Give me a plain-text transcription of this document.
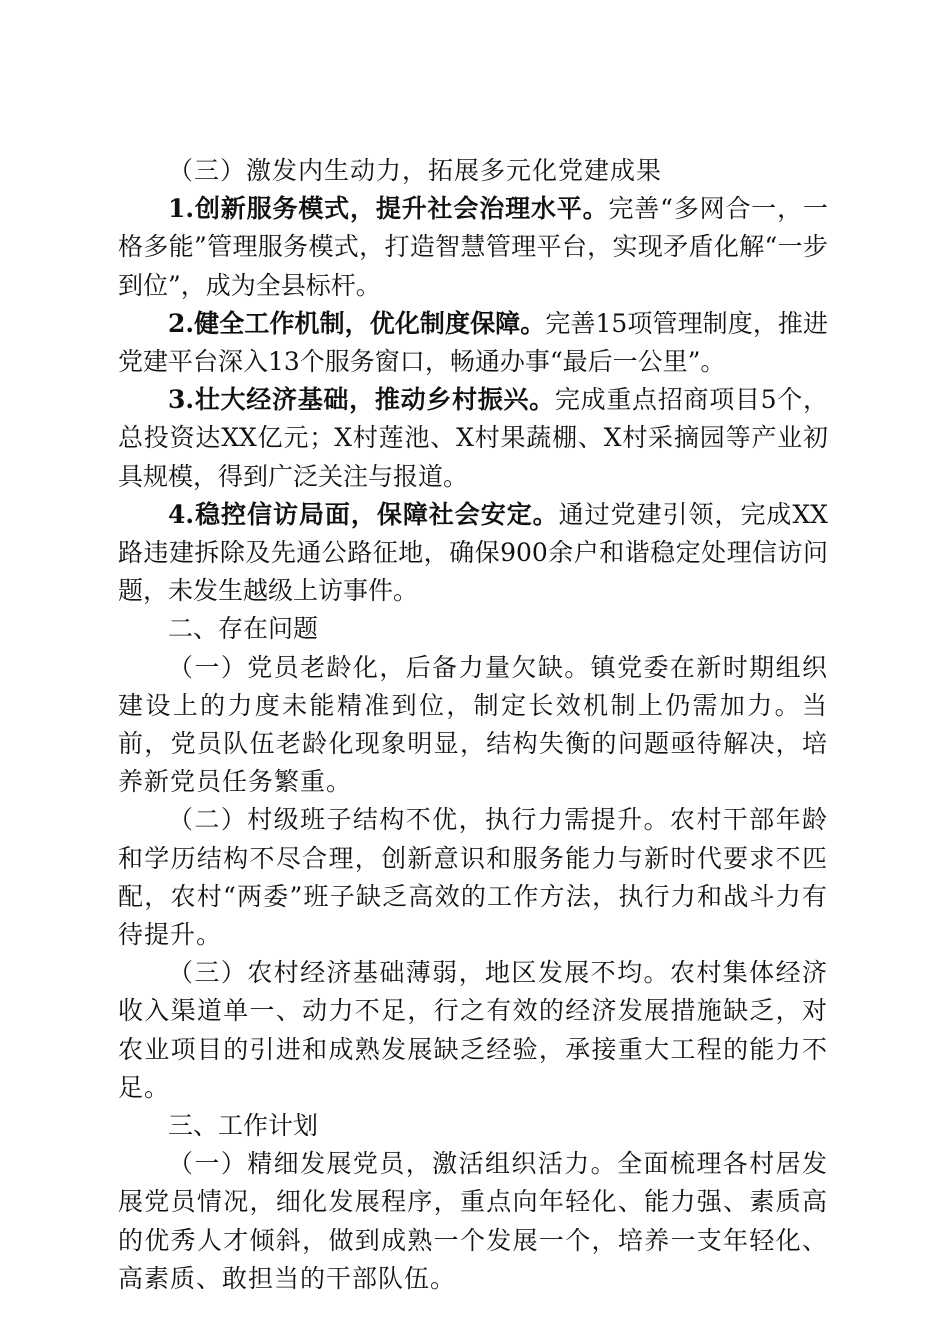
（三）激发内生动力，拓展多元化党建成果

1.创新服务模式，提升社会治理水平。完善“多网合一，一格多能”管理服务模式，打造智慧管理平台，实现矛盾化解“一步到位”，成为全县标杆。

2.健全工作机制，优化制度保障。完善15项管理制度，推进党建平台深入13个服务窗口，畅通办事“最后一公里”。

3.壮大经济基础，推动乡村振兴。完成重点招商项目5个，总投资达XX亿元；X村莲池、X村果蔬棚、X村采摘园等产业初具规模，得到广泛关注与报道。

4.稳控信访局面，保障社会安定。通过党建引领，完成XX路违建拆除及先通公路征地，确保900余户和谐稳定处理信访问题，未发生越级上访事件。

二、存在问题

（一）党员老龄化，后备力量欠缺。镇党委在新时期组织建设上的力度未能精准到位，制定长效机制上仍需加力。当前，党员队伍老龄化现象明显，结构失衡的问题亟待解决，培养新党员任务繁重。

（二）村级班子结构不优，执行力需提升。农村干部年龄和学历结构不尽合理，创新意识和服务能力与新时代要求不匹配，农村“两委”班子缺乏高效的工作方法，执行力和战斗力有待提升。

（三）农村经济基础薄弱，地区发展不均。农村集体经济收入渠道单一、动力不足，行之有效的经济发展措施缺乏，对农业项目的引进和成熟发展缺乏经验，承接重大工程的能力不足。

三、工作计划

（一）精细发展党员，激活组织活力。全面梳理各村居发展党员情况，细化发展程序，重点向年轻化、能力强、素质高的优秀人才倾斜，做到成熟一个发展一个，培养一支年轻化、高素质、敢担当的干部队伍。
